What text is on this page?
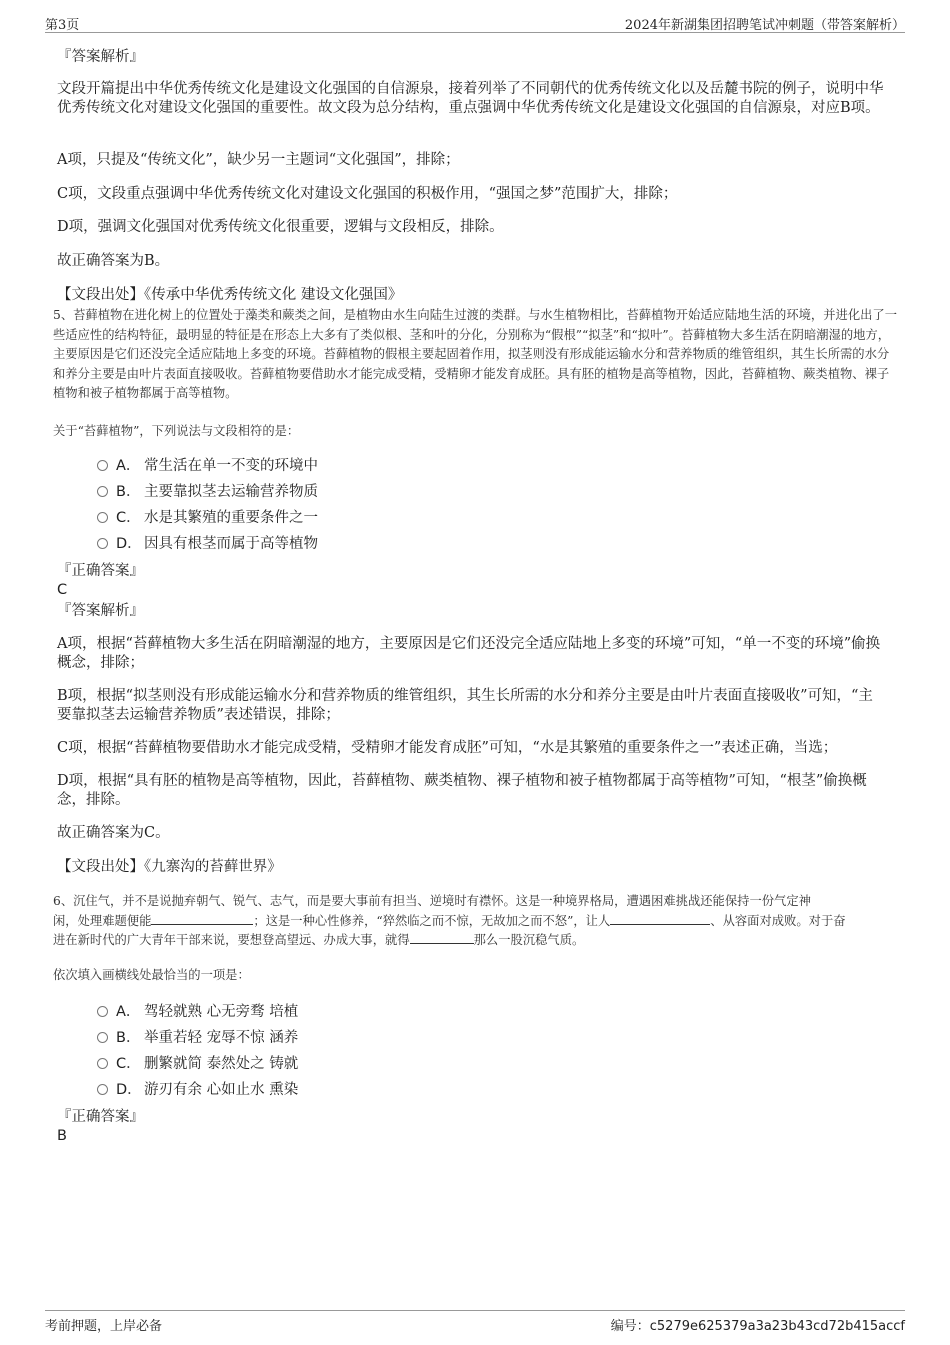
第3页	2024年新湖集团招聘笔试冲刺题（带答案解析）

『答案解析』

文段开篇提出中华优秀传统文化是建设文化强国的自信源泉，接着列举了不同朝代的优秀传统文化以及岳麓书院的例子，说明中华优秀传统文化对建设文化强国的重要性。故文段为总分结构，重点强调中华优秀传统文化是建设文化强国的自信源泉，对应B项。

A项，只提及“传统文化”，缺少另一主题词“文化强国”，排除；

C项，文段重点强调中华优秀传统文化对建设文化强国的积极作用，“强国之梦”范围扩大，排除；

D项，强调文化强国对优秀传统文化很重要，逻辑与文段相反，排除。

故正确答案为B。

【文段出处】《传承中华优秀传统文化 建设文化强国》

5、苔藓植物在进化树上的位置处于藻类和蕨类之间，是植物由水生向陆生过渡的类群。与水生植物相比，苔藓植物开始适应陆地生活的环境，并进化出了一些适应性的结构特征，最明显的特征是在形态上大多有了类似根、茎和叶的分化，分别称为“假根”“拟茎”和“拟叶”。苔藓植物大多生活在阴暗潮湿的地方，主要原因是它们还没完全适应陆地上多变的环境。苔藓植物的假根主要起固着作用，拟茎则没有形成能运输水分和营养物质的维管组织，其生长所需的水分和养分主要是由叶片表面直接吸收。苔藓植物要借助水才能完成受精，受精卵才能发育成胚。具有胚的植物是高等植物，因此，苔藓植物、蕨类植物、裸子植物和被子植物都属于高等植物。

关于“苔藓植物”，下列说法与文段相符的是：

A． 常生活在单一不变的环境中
B． 主要靠拟茎去运输营养物质
C． 水是其繁殖的重要条件之一
D． 因具有根茎而属于高等植物

『正确答案』

C

『答案解析』

A项，根据“苔藓植物大多生活在阴暗潮湿的地方，主要原因是它们还没完全适应陆地上多变的环境”可知，“单一不变的环境”偷换概念，排除；

B项，根据“拟茎则没有形成能运输水分和营养物质的维管组织，其生长所需的水分和养分主要是由叶片表面直接吸收”可知，“主要靠拟茎去运输营养物质”表述错误，排除；

C项，根据“苔藓植物要借助水才能完成受精，受精卵才能发育成胚”可知，“水是其繁殖的重要条件之一”表述正确，当选；

D项，根据“具有胚的植物是高等植物，因此，苔藓植物、蕨类植物、裸子植物和被子植物都属于高等植物”可知，“根茎”偷换概念，排除。

故正确答案为C。

【文段出处】《九寨沟的苔藓世界》

6、沉住气，并不是说抛弃朝气、锐气、志气，而是要大事前有担当、逆境时有襟怀。这是一种境界格局，遭遇困难挑战还能保持一份气定神
闲，处理难题便能	；这是一种心性修养，“猝然临之而不惊，无故加之而不怒”，让人	、从容面对成败。对于奋
进在新时代的广大青年干部来说，要想登高望远、办成大事，就得	那么一股沉稳气质。

依次填入画横线处最恰当的一项是：

A． 驾轻就熟 心无旁骛 培植
B． 举重若轻 宠辱不惊 涵养
C． 删繁就简 泰然处之 铸就
D． 游刃有余 心如止水 熏染

『正确答案』

B

考前押题，上岸必备	编号：c5279e625379a3a23b43cd72b415accf
